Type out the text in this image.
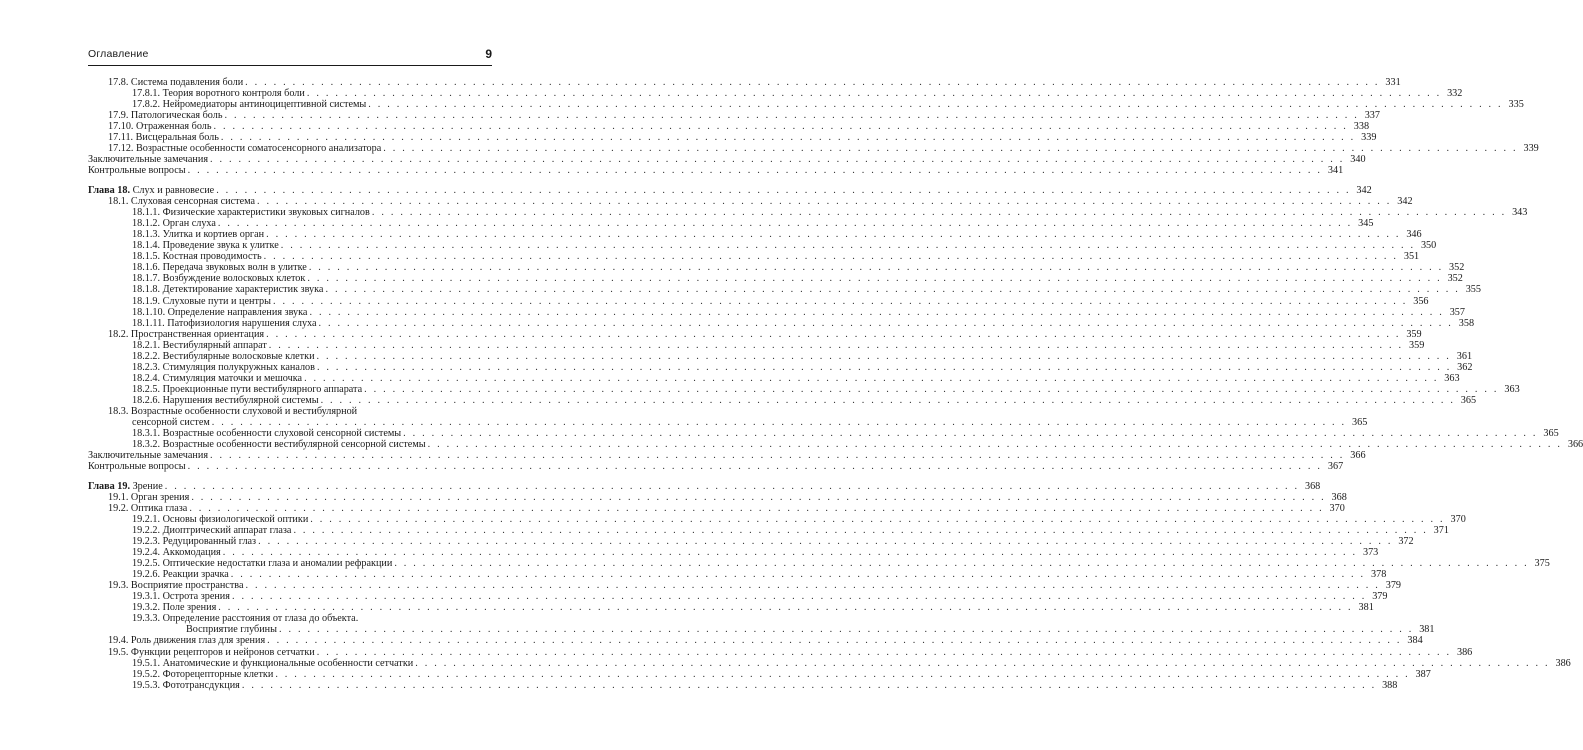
Оглавление	9
17.8. Система подавления боли . . . . . . . . . . . . . . . . . . . . . . . . . . . . . . . . . . . . . . . . . . . . . . . . . . . . . . . . . . . . . . . . . . . . . . . . . . . . . . . . . . . . . . . . . . . . . . . . . . . . . . . . . . . . . . . . . . . . . . . . 331
17.8.1. Теория воротного контроля боли . . . . . . . . . . . . . . . . . . . . . . . . . . . . . . . . . . . . . . . . . . . . . . . . . . . . . . . . . . . . . . . . . . . . . . . . . . . . . . . . . . . . . . . . . . . . . . . . . . . . . . . . . . . . . . . . . . . . . . . . 332
17.8.2. Нейромедиаторы антиноцицептивной системы . . . . . . . . . . . . . . . . . . . . . . . . . . . . . . . . . . . . . . . . . . . . . . . . . . . . . . . . . . . . . . . . . . . . . . . . . . . . . . . . . . . . . . . . . . . . . . . . . . . . . . . . . . . . . . . . . . . . . . . . 335
17.9. Патологическая боль . . . . . . . . . . . . . . . . . . . . . . . . . . . . . . . . . . . . . . . . . . . . . . . . . . . . . . . . . . . . . . . . . . . . . . . . . . . . . . . . . . . . . . . . . . . . . . . . . . . . . . . . . . . . . . . . . . . . . . . . 337
17.10. Отраженная боль . . . . . . . . . . . . . . . . . . . . . . . . . . . . . . . . . . . . . . . . . . . . . . . . . . . . . . . . . . . . . . . . . . . . . . . . . . . . . . . . . . . . . . . . . . . . . . . . . . . . . . . . . . . . . . . . . . . . . . . . 338
17.11. Висцеральная боль . . . . . . . . . . . . . . . . . . . . . . . . . . . . . . . . . . . . . . . . . . . . . . . . . . . . . . . . . . . . . . . . . . . . . . . . . . . . . . . . . . . . . . . . . . . . . . . . . . . . . . . . . . . . . . . . . . . . . . . . 339
17.12. Возрастные особенности соматосенсорного анализатора . . . . . . . . . . . . . . . . . . . . . . . . . . . . . . . . . . . . . . . . . . . . . . . . . . . . . . . . . . . . . . . . . . . . . . . . . . . . . . . . . . . . . . . . . . . . . . . . . . . . . . . . . . . . . . . . . . . . . . . . 339
Заключительные замечания . . . . . . . . . . . . . . . . . . . . . . . . . . . . . . . . . . . . . . . . . . . . . . . . . . . . . . . . . . . . . . . . . . . . . . . . . . . . . . . . . . . . . . . . . . . . . . . . . . . . . . . . . . . . . . . . . . . . . . . . 340
Контрольные вопросы . . . . . . . . . . . . . . . . . . . . . . . . . . . . . . . . . . . . . . . . . . . . . . . . . . . . . . . . . . . . . . . . . . . . . . . . . . . . . . . . . . . . . . . . . . . . . . . . . . . . . . . . . . . . . . . . . . . . . . . . 341
Глава 18. Слух и равновесие . . . . . . . . . . . . . . . . . . . . . . . . . . . . . . . . . . . . . . . . . . . . . . . . . . . . . . . . . . . . . . . . . . . . . . . . . . . . . . . . . . . . . . . . . . . . . . . . . . . . . . . . . . . . . . . . . . . . . . . . 342
18.1. Слуховая сенсорная система . . . . . . . . . . . . . . . . . . . . . . . . . . . . . . . . . . . . . . . . . . . . . . . . . . . . . . . . . . . . . . . . . . . . . . . . . . . . . . . . . . . . . . . . . . . . . . . . . . . . . . . . . . . . . . . . . . . . . . . . 342
18.1.1. Физические характеристики звуковых сигналов . . . . . . . . . . . . . . . . . . . . . . . . . . . . . . . . . . . . . . . . . . . . . . . . . . . . . . . . . . . . . . . . . . . . . . . . . . . . . . . . . . . . . . . . . . . . . . . . . . . . . . . . . . . . . . . . . . . . . . . . 343
18.1.2. Орган слуха . . . . . . . . . . . . . . . . . . . . . . . . . . . . . . . . . . . . . . . . . . . . . . . . . . . . . . . . . . . . . . . . . . . . . . . . . . . . . . . . . . . . . . . . . . . . . . . . . . . . . . . . . . . . . . . . . . . . . . . . 345
18.1.3. Улитка и кортиев орган . . . . . . . . . . . . . . . . . . . . . . . . . . . . . . . . . . . . . . . . . . . . . . . . . . . . . . . . . . . . . . . . . . . . . . . . . . . . . . . . . . . . . . . . . . . . . . . . . . . . . . . . . . . . . . . . . . . . . . . . 346
18.1.4. Проведение звука к улитке . . . . . . . . . . . . . . . . . . . . . . . . . . . . . . . . . . . . . . . . . . . . . . . . . . . . . . . . . . . . . . . . . . . . . . . . . . . . . . . . . . . . . . . . . . . . . . . . . . . . . . . . . . . . . . . . . . . . . . . . 350
18.1.5. Костная проводимость . . . . . . . . . . . . . . . . . . . . . . . . . . . . . . . . . . . . . . . . . . . . . . . . . . . . . . . . . . . . . . . . . . . . . . . . . . . . . . . . . . . . . . . . . . . . . . . . . . . . . . . . . . . . . . . . . . . . . . . . 351
18.1.6. Передача звуковых волн в улитке . . . . . . . . . . . . . . . . . . . . . . . . . . . . . . . . . . . . . . . . . . . . . . . . . . . . . . . . . . . . . . . . . . . . . . . . . . . . . . . . . . . . . . . . . . . . . . . . . . . . . . . . . . . . . . . . . . . . . . . . 352
18.1.7. Возбуждение волосковых клеток . . . . . . . . . . . . . . . . . . . . . . . . . . . . . . . . . . . . . . . . . . . . . . . . . . . . . . . . . . . . . . . . . . . . . . . . . . . . . . . . . . . . . . . . . . . . . . . . . . . . . . . . . . . . . . . . . . . . . . . . 352
18.1.8. Детектирование характеристик звука . . . . . . . . . . . . . . . . . . . . . . . . . . . . . . . . . . . . . . . . . . . . . . . . . . . . . . . . . . . . . . . . . . . . . . . . . . . . . . . . . . . . . . . . . . . . . . . . . . . . . . . . . . . . . . . . . . . . . . . . 355
18.1.9. Слуховые пути и центры . . . . . . . . . . . . . . . . . . . . . . . . . . . . . . . . . . . . . . . . . . . . . . . . . . . . . . . . . . . . . . . . . . . . . . . . . . . . . . . . . . . . . . . . . . . . . . . . . . . . . . . . . . . . . . . . . . . . . . . . 356
18.1.10. Определение направления звука . . . . . . . . . . . . . . . . . . . . . . . . . . . . . . . . . . . . . . . . . . . . . . . . . . . . . . . . . . . . . . . . . . . . . . . . . . . . . . . . . . . . . . . . . . . . . . . . . . . . . . . . . . . . . . . . . . . . . . . . 357
18.1.11. Патофизиология нарушения слуха . . . . . . . . . . . . . . . . . . . . . . . . . . . . . . . . . . . . . . . . . . . . . . . . . . . . . . . . . . . . . . . . . . . . . . . . . . . . . . . . . . . . . . . . . . . . . . . . . . . . . . . . . . . . . . . . . . . . . . . . 358
18.2. Пространственная ориентация . . . . . . . . . . . . . . . . . . . . . . . . . . . . . . . . . . . . . . . . . . . . . . . . . . . . . . . . . . . . . . . . . . . . . . . . . . . . . . . . . . . . . . . . . . . . . . . . . . . . . . . . . . . . . . . . . . . . . . . . 359
18.2.1. Вестибулярный аппарат . . . . . . . . . . . . . . . . . . . . . . . . . . . . . . . . . . . . . . . . . . . . . . . . . . . . . . . . . . . . . . . . . . . . . . . . . . . . . . . . . . . . . . . . . . . . . . . . . . . . . . . . . . . . . . . . . . . . . . . . 359
18.2.2. Вестибулярные волосковые клетки . . . . . . . . . . . . . . . . . . . . . . . . . . . . . . . . . . . . . . . . . . . . . . . . . . . . . . . . . . . . . . . . . . . . . . . . . . . . . . . . . . . . . . . . . . . . . . . . . . . . . . . . . . . . . . . . . . . . . . . . 361
18.2.3. Стимуляция полукружных каналов . . . . . . . . . . . . . . . . . . . . . . . . . . . . . . . . . . . . . . . . . . . . . . . . . . . . . . . . . . . . . . . . . . . . . . . . . . . . . . . . . . . . . . . . . . . . . . . . . . . . . . . . . . . . . . . . . . . . . . . . 362
18.2.4. Стимуляция маточки и мешочка . . . . . . . . . . . . . . . . . . . . . . . . . . . . . . . . . . . . . . . . . . . . . . . . . . . . . . . . . . . . . . . . . . . . . . . . . . . . . . . . . . . . . . . . . . . . . . . . . . . . . . . . . . . . . . . . . . . . . . . . 363
18.2.5. Проекционные пути вестибулярного аппарата . . . . . . . . . . . . . . . . . . . . . . . . . . . . . . . . . . . . . . . . . . . . . . . . . . . . . . . . . . . . . . . . . . . . . . . . . . . . . . . . . . . . . . . . . . . . . . . . . . . . . . . . . . . . . . . . . . . . . . . . 363
18.2.6. Нарушения вестибулярной системы . . . . . . . . . . . . . . . . . . . . . . . . . . . . . . . . . . . . . . . . . . . . . . . . . . . . . . . . . . . . . . . . . . . . . . . . . . . . . . . . . . . . . . . . . . . . . . . . . . . . . . . . . . . . . . . . . . . . . . . . 365
18.3. Возрастные особенности слуховой и вестибулярной
сенсорной систем . . . . . . . . . . . . . . . . . . . . . . . . . . . . . . . . . . . . . . . . . . . . . . . . . . . . . . . . . . . . . . . . . . . . . . . . . . . . . . . . . . . . . . . . . . . . . . . . . . . . . . . . . . . . . . . . . . . . . . . . 365
18.3.1. Возрастные особенности слуховой сенсорной системы . . . . . . . . . . . . . . . . . . . . . . . . . . . . . . . . . . . . . . . . . . . . . . . . . . . . . . . . . . . . . . . . . . . . . . . . . . . . . . . . . . . . . . . . . . . . . . . . . . . . . . . . . . . . . . . . . . . . . . . . 365
18.3.2. Возрастные особенности вестибулярной сенсорной системы . . . . . . . . . . . . . . . . . . . . . . . . . . . . . . . . . . . . . . . . . . . . . . . . . . . . . . . . . . . . . . . . . . . . . . . . . . . . . . . . . . . . . . . . . . . . . . . . . . . . . . . . . . . . . . . . . . . . . . . . 366
Заключительные замечания . . . . . . . . . . . . . . . . . . . . . . . . . . . . . . . . . . . . . . . . . . . . . . . . . . . . . . . . . . . . . . . . . . . . . . . . . . . . . . . . . . . . . . . . . . . . . . . . . . . . . . . . . . . . . . . . . . . . . . . . 366
Контрольные вопросы . . . . . . . . . . . . . . . . . . . . . . . . . . . . . . . . . . . . . . . . . . . . . . . . . . . . . . . . . . . . . . . . . . . . . . . . . . . . . . . . . . . . . . . . . . . . . . . . . . . . . . . . . . . . . . . . . . . . . . . . 367
Глава 19. Зрение . . . . . . . . . . . . . . . . . . . . . . . . . . . . . . . . . . . . . . . . . . . . . . . . . . . . . . . . . . . . . . . . . . . . . . . . . . . . . . . . . . . . . . . . . . . . . . . . . . . . . . . . . . . . . . . . . . . . . . . . 368
19.1. Орган зрения . . . . . . . . . . . . . . . . . . . . . . . . . . . . . . . . . . . . . . . . . . . . . . . . . . . . . . . . . . . . . . . . . . . . . . . . . . . . . . . . . . . . . . . . . . . . . . . . . . . . . . . . . . . . . . . . . . . . . . . . 368
19.2. Оптика глаза . . . . . . . . . . . . . . . . . . . . . . . . . . . . . . . . . . . . . . . . . . . . . . . . . . . . . . . . . . . . . . . . . . . . . . . . . . . . . . . . . . . . . . . . . . . . . . . . . . . . . . . . . . . . . . . . . . . . . . . . 370
19.2.1. Основы физиологической оптики . . . . . . . . . . . . . . . . . . . . . . . . . . . . . . . . . . . . . . . . . . . . . . . . . . . . . . . . . . . . . . . . . . . . . . . . . . . . . . . . . . . . . . . . . . . . . . . . . . . . . . . . . . . . . . . . . . . . . . . . 370
19.2.2. Диоптрический аппарат глаза . . . . . . . . . . . . . . . . . . . . . . . . . . . . . . . . . . . . . . . . . . . . . . . . . . . . . . . . . . . . . . . . . . . . . . . . . . . . . . . . . . . . . . . . . . . . . . . . . . . . . . . . . . . . . . . . . . . . . . . . 371
19.2.3. Редуцированный глаз . . . . . . . . . . . . . . . . . . . . . . . . . . . . . . . . . . . . . . . . . . . . . . . . . . . . . . . . . . . . . . . . . . . . . . . . . . . . . . . . . . . . . . . . . . . . . . . . . . . . . . . . . . . . . . . . . . . . . . . . 372
19.2.4. Аккомодация . . . . . . . . . . . . . . . . . . . . . . . . . . . . . . . . . . . . . . . . . . . . . . . . . . . . . . . . . . . . . . . . . . . . . . . . . . . . . . . . . . . . . . . . . . . . . . . . . . . . . . . . . . . . . . . . . . . . . . . . 373
19.2.5. Оптические недостатки глаза и аномалии рефракции . . . . . . . . . . . . . . . . . . . . . . . . . . . . . . . . . . . . . . . . . . . . . . . . . . . . . . . . . . . . . . . . . . . . . . . . . . . . . . . . . . . . . . . . . . . . . . . . . . . . . . . . . . . . . . . . . . . . . . . . 375
19.2.6. Реакции зрачка . . . . . . . . . . . . . . . . . . . . . . . . . . . . . . . . . . . . . . . . . . . . . . . . . . . . . . . . . . . . . . . . . . . . . . . . . . . . . . . . . . . . . . . . . . . . . . . . . . . . . . . . . . . . . . . . . . . . . . . . 378
19.3. Восприятие пространства . . . . . . . . . . . . . . . . . . . . . . . . . . . . . . . . . . . . . . . . . . . . . . . . . . . . . . . . . . . . . . . . . . . . . . . . . . . . . . . . . . . . . . . . . . . . . . . . . . . . . . . . . . . . . . . . . . . . . . . . 379
19.3.1. Острота зрения . . . . . . . . . . . . . . . . . . . . . . . . . . . . . . . . . . . . . . . . . . . . . . . . . . . . . . . . . . . . . . . . . . . . . . . . . . . . . . . . . . . . . . . . . . . . . . . . . . . . . . . . . . . . . . . . . . . . . . . . 379
19.3.2. Поле зрения . . . . . . . . . . . . . . . . . . . . . . . . . . . . . . . . . . . . . . . . . . . . . . . . . . . . . . . . . . . . . . . . . . . . . . . . . . . . . . . . . . . . . . . . . . . . . . . . . . . . . . . . . . . . . . . . . . . . . . . . 381
19.3.3. Определение расстояния от глаза до объекта.
Восприятие глубины . . . . . . . . . . . . . . . . . . . . . . . . . . . . . . . . . . . . . . . . . . . . . . . . . . . . . . . . . . . . . . . . . . . . . . . . . . . . . . . . . . . . . . . . . . . . . . . . . . . . . . . . . . . . . . . . . . . . . . . . 381
19.4. Роль движения глаз для зрения . . . . . . . . . . . . . . . . . . . . . . . . . . . . . . . . . . . . . . . . . . . . . . . . . . . . . . . . . . . . . . . . . . . . . . . . . . . . . . . . . . . . . . . . . . . . . . . . . . . . . . . . . . . . . . . . . . . . . . . . 384
19.5. Функции рецепторов и нейронов сетчатки . . . . . . . . . . . . . . . . . . . . . . . . . . . . . . . . . . . . . . . . . . . . . . . . . . . . . . . . . . . . . . . . . . . . . . . . . . . . . . . . . . . . . . . . . . . . . . . . . . . . . . . . . . . . . . . . . . . . . . . . 386
19.5.1. Анатомические и функциональные особенности сетчатки . . . . . . . . . . . . . . . . . . . . . . . . . . . . . . . . . . . . . . . . . . . . . . . . . . . . . . . . . . . . . . . . . . . . . . . . . . . . . . . . . . . . . . . . . . . . . . . . . . . . . . . . . . . . . . . . . . . . . . . . 386
19.5.2. Фоторецепторные клетки . . . . . . . . . . . . . . . . . . . . . . . . . . . . . . . . . . . . . . . . . . . . . . . . . . . . . . . . . . . . . . . . . . . . . . . . . . . . . . . . . . . . . . . . . . . . . . . . . . . . . . . . . . . . . . . . . . . . . . . . 387
19.5.3. Фототрансдукция . . . . . . . . . . . . . . . . . . . . . . . . . . . . . . . . . . . . . . . . . . . . . . . . . . . . . . . . . . . . . . . . . . . . . . . . . . . . . . . . . . . . . . . . . . . . . . . . . . . . . . . . . . . . . . . . . . . . . . . . 388
